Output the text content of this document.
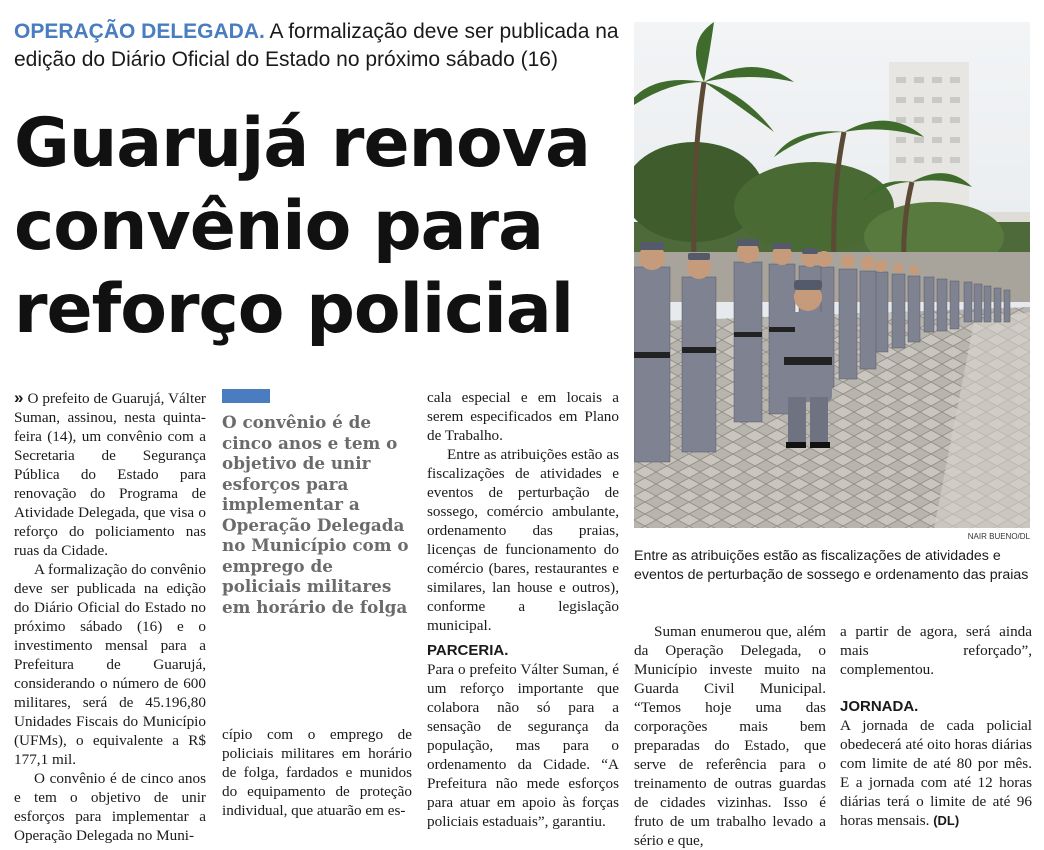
OPERAÇÃO DELEGADA. A formalização deve ser publicada na edição do Diário Oficial do Estado no próximo sábado (16)
Guarujá renova
convênio para
reforço policial

» O prefeito de Guarujá, Válter Suman, assinou, nesta quinta-feira (14), um convênio com a Secretaria de Segurança Pública do Estado para renovação do Programa de Atividade Delegada, que visa o reforço do policiamento nas ruas da Cidade.

A formalização do convênio deve ser publicada na edição do Diário Oficial do Estado no próximo sábado (16) e o investimento mensal para a Prefeitura de Guarujá, considerando o número de 600 militares, será de 45.196,80 Unidades Fiscais do Município (UFMs), o equivalente a R$ 177,1 mil.

O convênio é de cinco anos e tem o objetivo de unir esforços para implementar a Operação Delegada no Muni-

O convênio é de cinco anos e tem o objetivo de unir esforços para implementar a Operação Delegada no Município com o emprego de policiais militares em horário de folga

cípio com o emprego de policiais militares em horário de folga, fardados e munidos do equipamento de proteção individual, que atuarão em es-

cala especial e em locais a serem especificados em Plano de Trabalho.

Entre as atribuições estão as fiscalizações de atividades e eventos de perturbação de sossego, comércio ambulante, ordenamento das praias, licenças de funcionamento do comércio (bares, restaurantes e similares, lan house e outros), conforme a legislação municipal.

PARCERIA.

Para o prefeito Válter Suman, é um reforço importante que colabora não só para a sensação de segurança da população, mas para o ordenamento da Cidade. “A Prefeitura não mede esforços para atuar em apoio às forças policiais estaduais”, garantiu.

NAIR BUENO/DL
Entre as atribuições estão as fiscalizações de atividades e eventos de perturbação de sossego e ordenamento das praias

Suman enumerou que, além da Operação Delegada, o Município investe muito na Guarda Civil Municipal. “Temos hoje uma das corporações mais bem preparadas do Estado, que serve de referência para o treinamento de outras guardas de cidades vizinhas. Isso é fruto de um trabalho levado a sério e que,

a partir de agora, será ainda mais reforçado”, complementou.

JORNADA.

A jornada de cada policial obedecerá até oito horas diárias com limite de até 80 por mês. E a jornada com até 12 horas diárias terá o limite de até 96 horas mensais. (DL)
